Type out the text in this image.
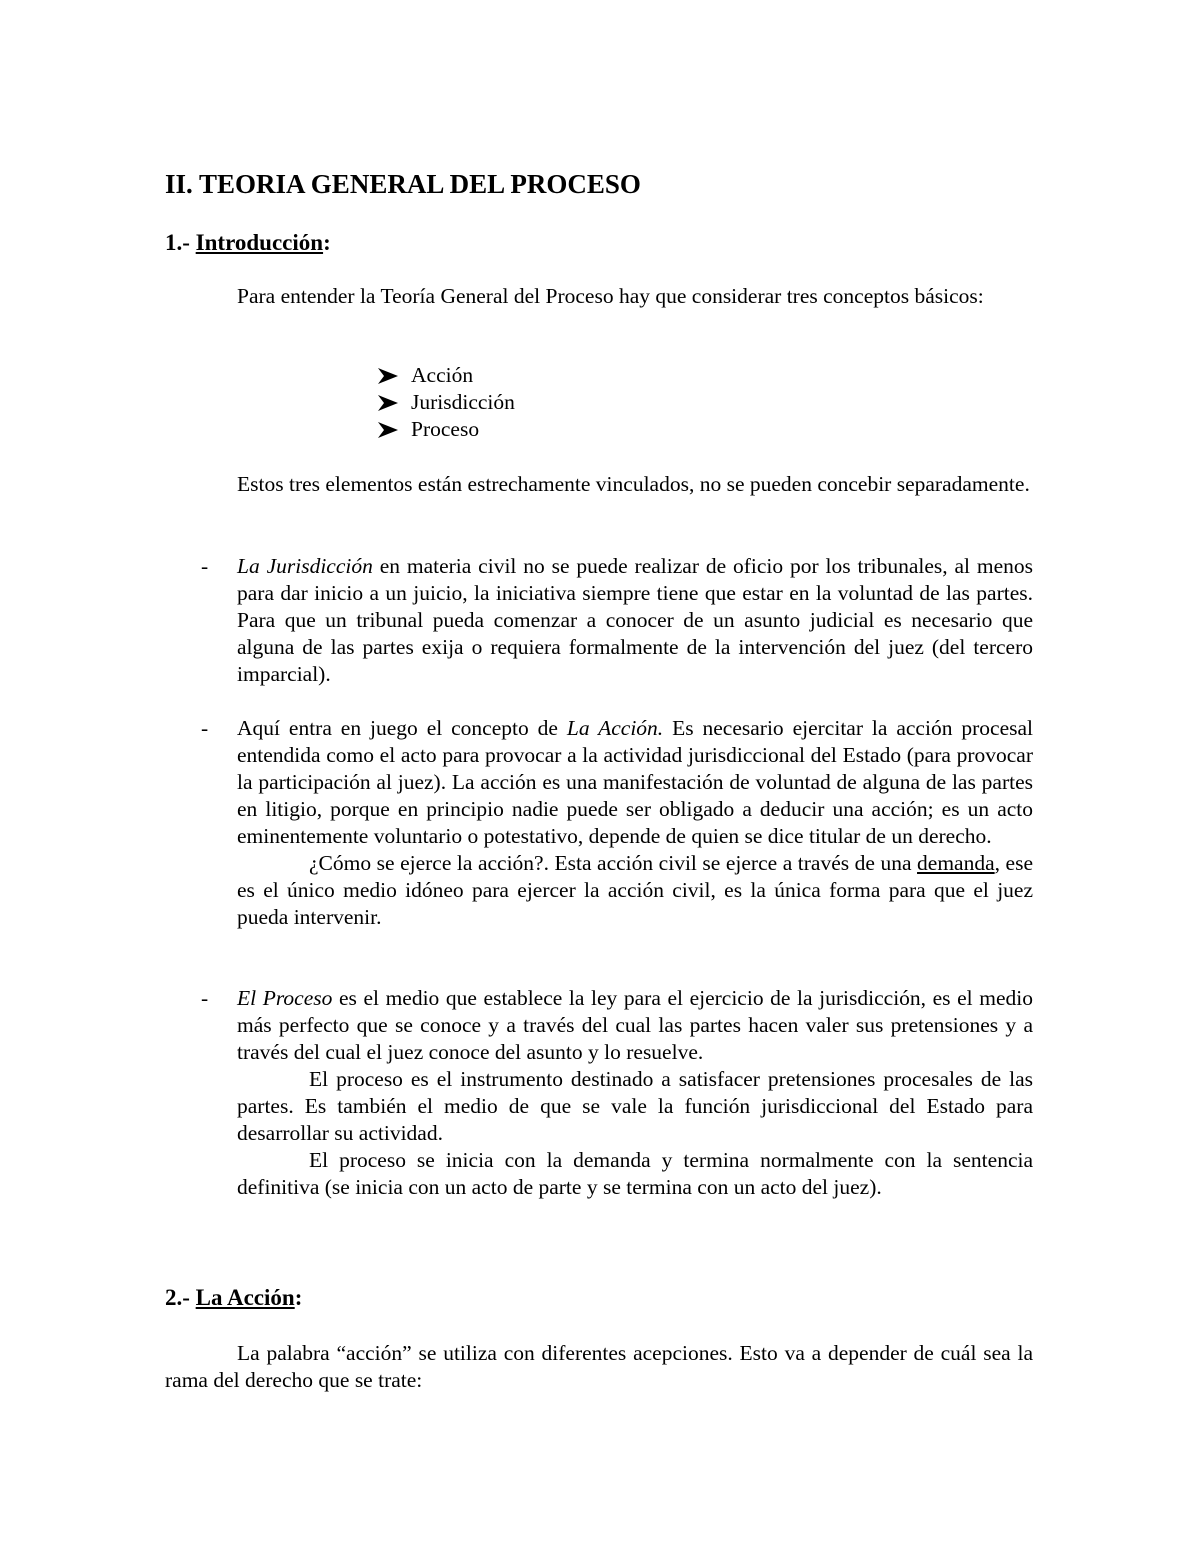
II. TEORIA GENERAL DEL PROCESO
1.- Introducción:

Para entender la Teoría General del Proceso hay que considerar tres conceptos básicos:

Acción
Jurisdicción
Proceso

Estos tres elementos están estrechamente vinculados, no se pueden concebir separadamente.

- La Jurisdicción en materia civil no se puede realizar de oficio por los tribunales, al menos para dar inicio a un juicio, la iniciativa siempre tiene que estar en la voluntad de las partes. Para que un tribunal pueda comenzar a conocer de un asunto judicial es necesario que alguna de las partes exija o requiera formalmente de la intervención del juez (del tercero imparcial).

- Aquí entra en juego el concepto de La Acción. Es necesario ejercitar la acción procesal entendida como el acto para provocar a la actividad jurisdiccional del Estado (para provocar la participación al juez). La acción es una manifestación de voluntad de alguna de las partes en litigio, porque en principio nadie puede ser obligado a deducir una acción; es un acto eminentemente voluntario o potestativo, depende de quien se dice titular de un derecho.

¿Cómo se ejerce la acción?. Esta acción civil se ejerce a través de una demanda, ese es el único medio idóneo para ejercer la acción civil, es la única forma para que el juez pueda intervenir.

- El Proceso es el medio que establece la ley para el ejercicio de la jurisdicción, es el medio más perfecto que se conoce y a través del cual las partes hacen valer sus pretensiones y a través del cual el juez conoce del asunto y lo resuelve.

El proceso es el instrumento destinado a satisfacer pretensiones procesales de las partes. Es también el medio de que se vale la función jurisdiccional del Estado para desarrollar su actividad.

El proceso se inicia con la demanda y termina normalmente con la sentencia definitiva (se inicia con un acto de parte y se termina con un acto del juez).

2.- La Acción:

La palabra “acción” se utiliza con diferentes acepciones. Esto va a depender de cuál sea la rama del derecho que se trate:
